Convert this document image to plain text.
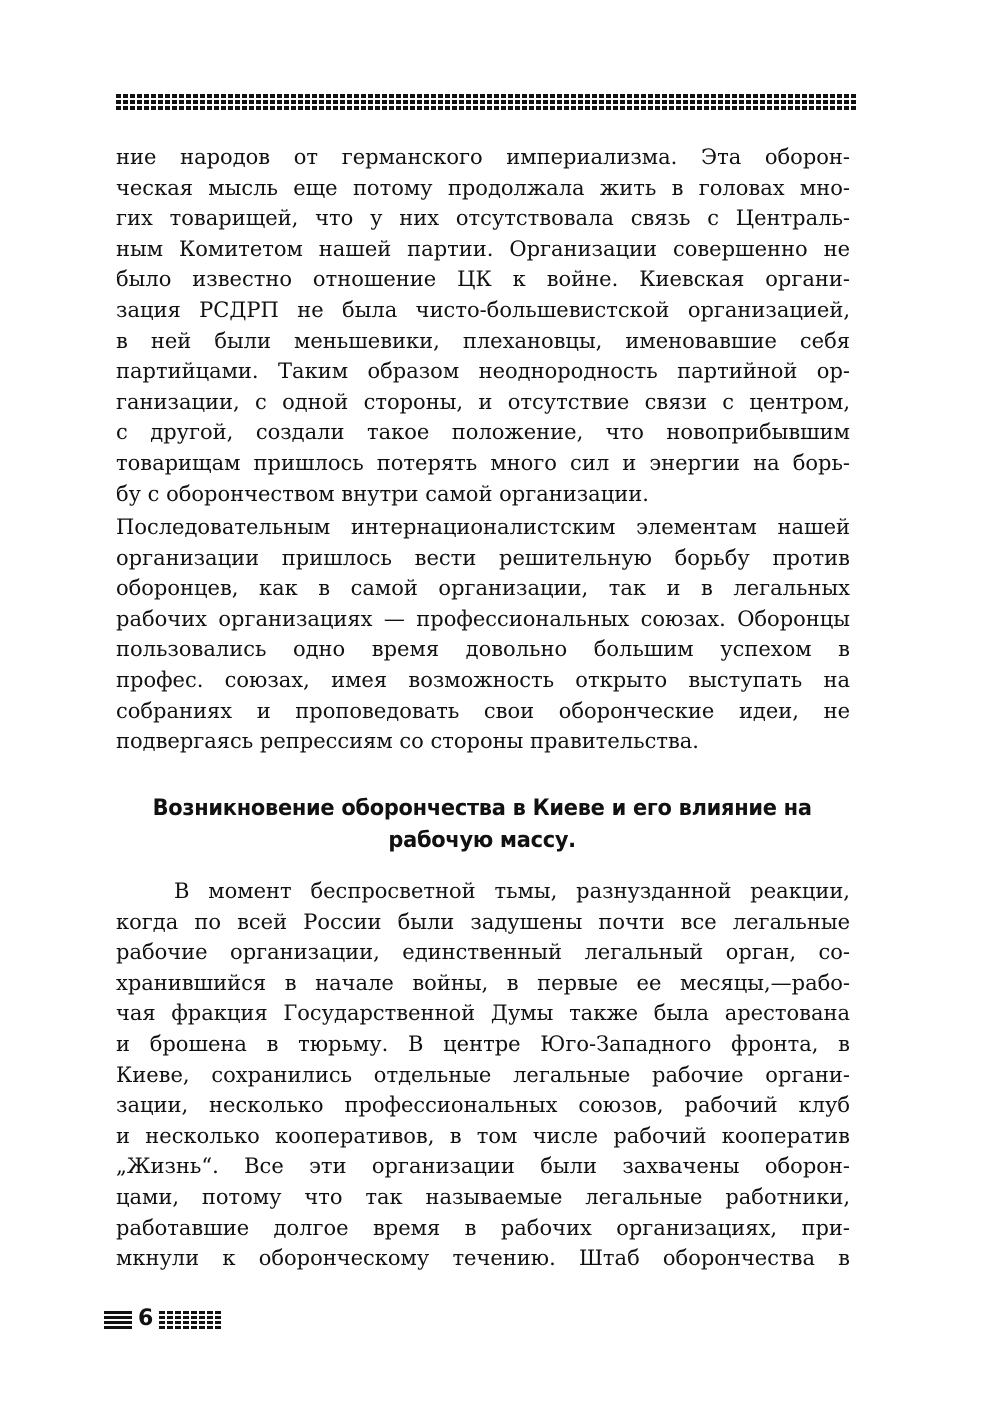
ние народов от германского империализма. Эта оборон-
ческая мысль еще потому продолжала жить в головах мно-
гих товарищей, что у них отсутствовала связь с Централь-
ным Комитетом нашей партии. Организации совершенно не
было известно отношение ЦК к войне. Киевская органи-
зация РСДРП не была чисто-большевистской организацией,
в ней были меньшевики, плехановцы, именовавшие себя
партийцами. Таким образом неоднородность партийной ор-
ганизации, с одной стороны, и отсутствие связи с центром,
с другой, создали такое положение, что новоприбывшим
товарищам пришлось потерять много сил и энергии на борь-
бу с оборончеством внутри самой организации.
Последовательным интернационалистским элементам нашей
организации пришлось вести решительную борьбу против
оборонцев, как в самой организации, так и в легальных
рабочих организациях — профессиональных союзах. Оборонцы
пользовались одно время довольно большим успехом в
профес. союзах, имея возможность открыто выступать на
собраниях и проповедовать свои оборонческие идеи, не
подвергаясь репрессиям со стороны правительства.
Возникновение оборончества в Киеве и его влияние на
рабочую массу.
В момент беспросветной тьмы, разнузданной реакции,
когда по всей России были задушены почти все легальные
рабочие организации, единственный легальный орган, со-
хранившийся в начале войны, в первые ее месяцы,—рабо-
чая фракция Государственной Думы также была арестована
и брошена в тюрьму. В центре Юго-Западного фронта, в
Киеве, сохранились отдельные легальные рабочие органи-
зации, несколько профессиональных союзов, рабочий клуб
и несколько кооперативов, в том числе рабочий кооператив
„Жизнь“. Все эти организации были захвачены оборон-
цами, потому что так называемые легальные работники,
работавшие долгое время в рабочих организациях, при-
мкнули к оборонческому течению. Штаб оборончества в
6
